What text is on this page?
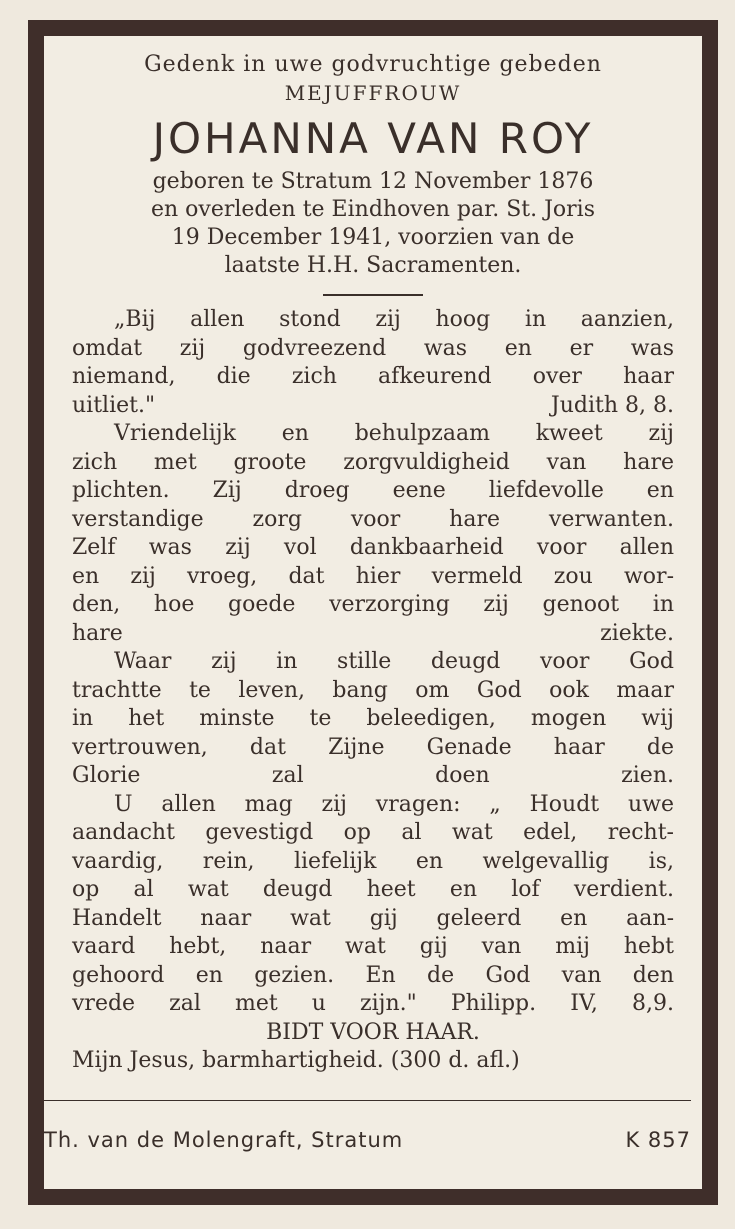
Gedenk in uwe godvruchtige gebeden
MEJUFFROUW
JOHANNA VAN ROY
geboren te Stratum 12 November 1876
en overleden te Eindhoven par. St. Joris
19 December 1941, voorzien van de
laatste H.H. Sacramenten.
„Bij allen stond zij hoog in aanzien,
omdat zij godvreezend was en er was
niemand, die zich afkeurend over haar
uitliet."	Judith 8, 8.
Vriendelijk en behulpzaam kweet zij
zich met groote zorgvuldigheid van hare
plichten. Zij droeg eene liefdevolle en
verstandige zorg voor hare verwanten.
Zelf was zij vol dankbaarheid voor allen
en zij vroeg, dat hier vermeld zou wor-
den, hoe goede verzorging zij genoot in
hare ziekte.
Waar zij in stille deugd voor God
trachtte te leven, bang om God ook maar
in het minste te beleedigen, mogen wij
vertrouwen, dat Zijne Genade haar de
Glorie zal doen zien.
U allen mag zij vragen: „ Houdt uwe
aandacht gevestigd op al wat edel, recht-
vaardig, rein, liefelijk en welgevallig is,
op al wat deugd heet en lof verdient.
Handelt naar wat gij geleerd en aan-
vaard hebt, naar wat gij van mij hebt
gehoord en gezien. En de God van den
vrede zal met u zijn." Philipp. IV, 8,9.
BIDT VOOR HAAR.
Mijn Jesus, barmhartigheid. (300 d. afl.)
Th. van de Molengraft, Stratum	K 857
